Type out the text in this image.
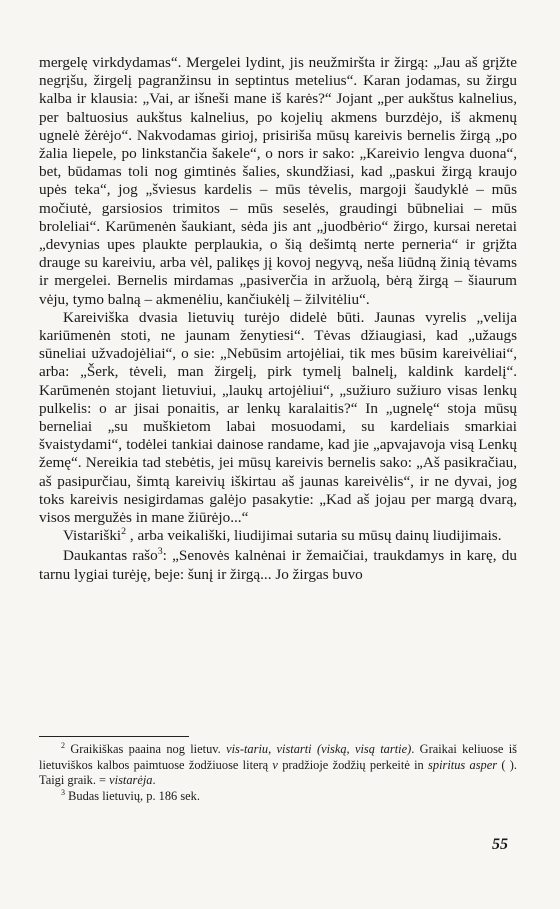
mergelę virkdydamas“. Mergelei lydint, jis neužmiršta ir žirgą: „Jau aš grįžte negrįšu, žirgelį pagranžinsu in septintus metelius“. Karan jodamas, su žirgu kalba ir klausia: „Vai, ar išneši mane iš karės?“ Jojant „per aukštus kalnelius, per baltuosius aukštus kalnelius, po kojelių akmens burzdėjo, iš akmenų ugnelė žėrėjo“. Nakvodamas girioj, prisiriša mūsų kareivis bernelis žirgą „po žalia liepele, po linkstančia šakele“, o nors ir sako: „Kareivio lengva duona“, bet, būdamas toli nog gimtinės šalies, skundžiasi, kad „paskui žirgą kraujo upės teka“, jog „šviesus kardelis – mūs tėvelis, margoji šaudyklė – mūs močiutė, garsiosios trimitos – mūs seselės, graudingi būbneliai – mūs broleliai“. Karūmenėn šaukiant, sėda jis ant „juodbėrio“ žirgo, kursai neretai „devynias upes plaukte perplaukia, o šią dešimtą nerte perneria“ ir grįžta drauge su kareiviu, arba vėl, palikęs jį kovoj negyvą, neša liūdną žinią tėvams ir mergelei. Bernelis mirdamas „pasiverčia in aržuolą, bėrą žirgą – šiaurum vėju, tymo balną – akmenėliu, kančiukėlį – žilvitėliu“.

Kareiviška dvasia lietuvių turėjo didelė būti. Jaunas vyrelis „velija kariūmenėn stoti, ne jaunam ženytiesi“. Tėvas džiaugiasi, kad „užaugs sūneliai užvadojėliai“, o sie: „Nebūsim artojėliai, tik mes būsim kareivėliai“, arba: „Šerk, tėveli, man žirgelį, pirk tymelį balnelį, kaldink kardelį“. Karūmenėn stojant lietuviui, „laukų artojėliui“, „sužiuro sužiuro visas lenkų pulkelis: o ar jisai ponaitis, ar lenkų karalaitis?“ In „ugnelę“ stoja mūsų berneliai „su muškietom labai mosuodami, su kardeliais smarkiai švaistydami“, todėlei tankiai dainose randame, kad jie „apvajavoja visą Lenkų žemę“. Nereikia tad stebėtis, jei mūsų kareivis bernelis sako: „Aš pasikračiau, aš pasipurčiau, šimtą kareivių iškirtau aš jaunas kareivėlis“, ir ne dyvai, jog toks kareivis nesigirdamas galėjo pasakytie: „Kad aš jojau per margą dvarą, visos mergužės in mane žiūrėjo...“

Vistariški$^2$ , arba veikališki, liudijimai sutaria su mūsų dainų liudijimais.

Daukantas rašo$^3$: „Senovės kalnėnai ir žemaičiai, traukdamys in karę, du tarnu lygiai turėję, beje: šunį ir žirgą... Jo žirgas buvo

$^2$ Graikiškas paaina nog lietuv. vis-tariu, vistarti (viską, visą tartie). Graikai keliuose iš lietuviškos kalbos paimtuose žodžiuose literą v pradžioje žodžių perkeitė in spiritus asper ( ). Taigi graik. = vistarėja.

$^3$ Budas lietuvių, p. 186 sek.

55
